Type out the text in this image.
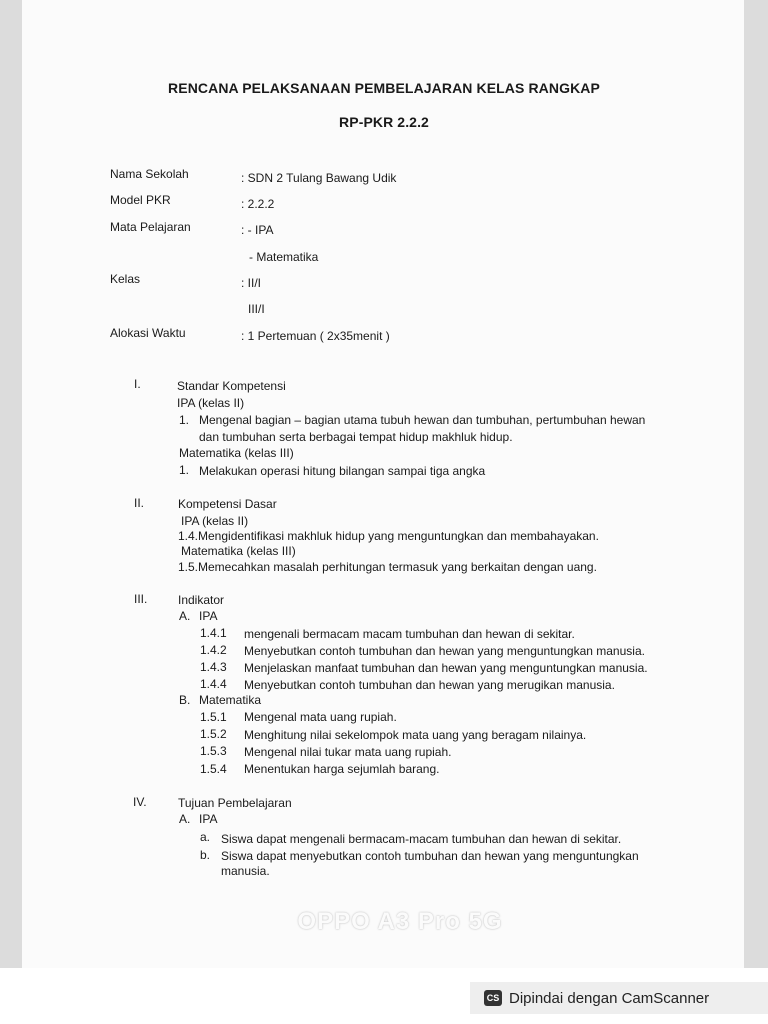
RENCANA PELAKSANAAN PEMBELAJARAN KELAS RANGKAP
RP-PKR 2.2.2
Nama Sekolah	: SDN 2 Tulang Bawang Udik
Model PKR	: 2.2.2
Mata Pelajaran	: - IPA
- Matematika
Kelas	: II/I
III/I
Alokasi Waktu	: 1 Pertemuan ( 2x35menit )
I.	Standar Kompetensi
IPA (kelas II)
1. Mengenal bagian – bagian utama tubuh hewan dan tumbuhan, pertumbuhan hewan
dan tumbuhan serta berbagai tempat hidup makhluk hidup.
Matematika (kelas III)
1. Melakukan operasi hitung bilangan sampai tiga angka
II.	Kompetensi Dasar
IPA (kelas II)
1.4.Mengidentifikasi makhluk hidup yang menguntungkan dan membahayakan.
Matematika (kelas III)
1.5.Memecahkan masalah perhitungan termasuk yang berkaitan dengan uang.
III.	Indikator
A. IPA
1.4.1 mengenali bermacam macam tumbuhan dan hewan di sekitar.
1.4.2 Menyebutkan contoh tumbuhan dan hewan yang menguntungkan manusia.
1.4.3 Menjelaskan manfaat tumbuhan dan hewan yang menguntungkan manusia.
1.4.4 Menyebutkan contoh tumbuhan dan hewan yang merugikan manusia.
B. Matematika
1.5.1 Mengenal mata uang rupiah.
1.5.2 Menghitung nilai sekelompok mata uang yang beragam nilainya.
1.5.3 Mengenal nilai tukar mata uang rupiah.
1.5.4 Menentukan harga sejumlah barang.
IV.	Tujuan Pembelajaran
A. IPA
a. Siswa dapat mengenali bermacam-macam tumbuhan dan hewan di sekitar.
b. Siswa dapat menyebutkan contoh tumbuhan dan hewan yang menguntungkan
manusia.
OPPO A3 Pro 5G
CS Dipindai dengan CamScanner
